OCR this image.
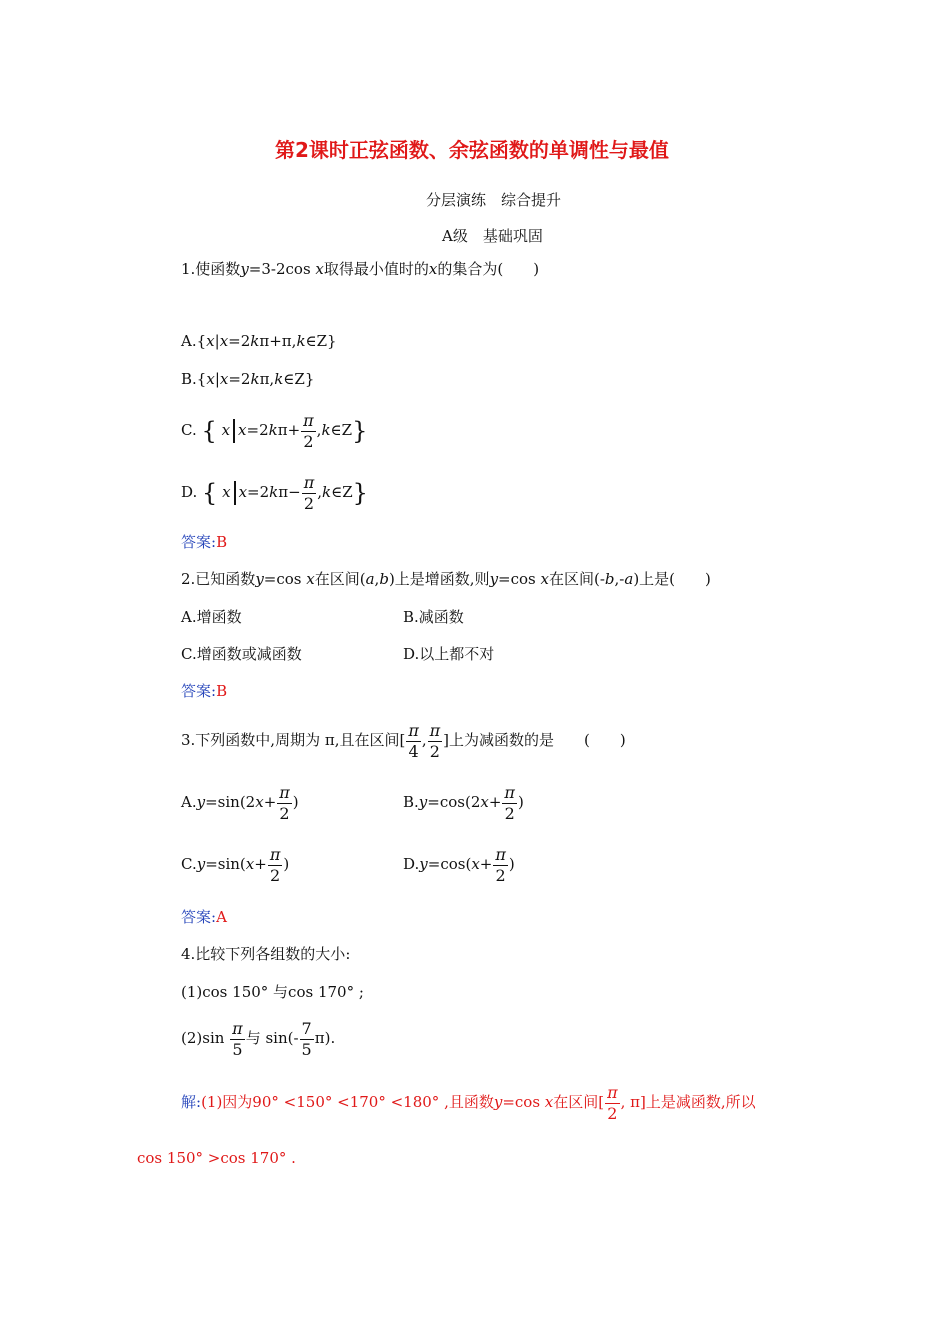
第2课时正弦函数、余弦函数的单调性与最值
分层演练　综合提升
A级　基础巩固
1.使函数y=3-2cos x取得最小值时的x的集合为(　　)
A.{x|x=2kπ+π,k∈Z}
B.{x|x=2kπ,k∈Z}
C. { x $x=2k\pi+ \frac{\pi}{2}$ ,k∈Z}
D. { x $x=2k\pi- \frac{\pi}{2}$ ,k∈Z}
答案:B
2.已知函数y=cos x在区间(a,b)上是增函数,则y=cos x在区间(-b,-a)上是(　　)
A.增函数	B.减函数
C.增函数或减函数	D.以上都不对
答案:B
3.下列函数中,周期为 π,且在区间[ $\frac{\pi}{4}$ , $\frac{\pi}{2}$ ]上为减函数的是　　(　　)
$A.y=\sin(2x+ \frac{\pi}{2}$ )	$B.y=\cos(2x+ \frac{\pi}{2}$ )
$C.y=\sin(x+ \frac{\pi}{2}$ )	$D.y=\cos(x+ \frac{\pi}{2}$ )
答案:A
4.比较下列各组数的大小:
(1)cos 150° 与cos 170° ;
$(2)\sin \frac{\pi}{5}$ 与 $\sin(- \frac{7}{5} \pi)$.
解:(1)因为90° <150° <170° <180° ,且函数y=cos x在区间[ $\frac{\pi}{2}$ , π]上是减函数,所以
cos 150° >cos 170° .
